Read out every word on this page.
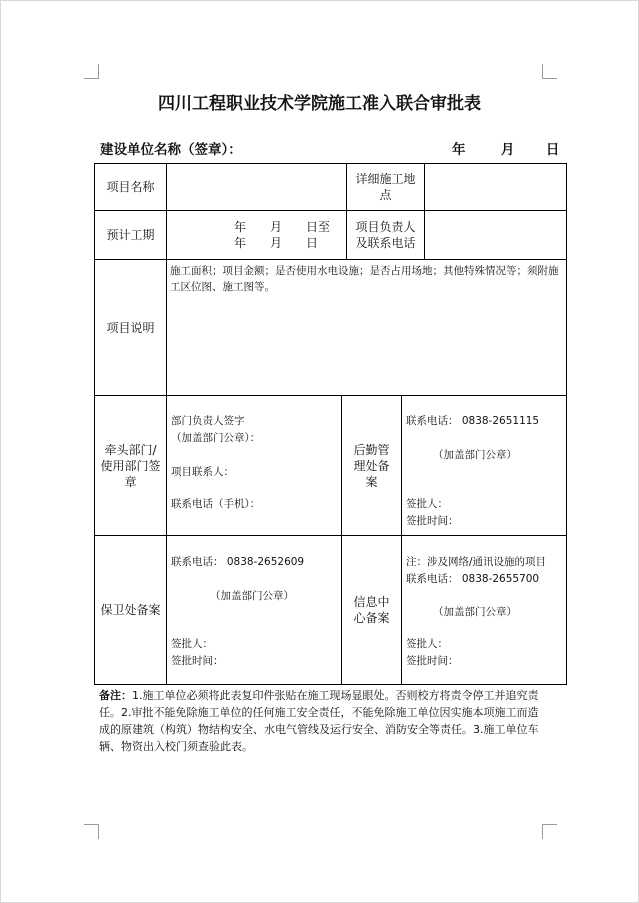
四川工程职业技术学院施工准入联合审批表
建设单位名称（签章）：	年	月 日
项目名称
详细施工地
点
预计工期
年　　月　　日至
年　　月　　日
项目负责人
及联系电话
项目说明
施工面积；项目金额；是否使用水电设施；是否占用场地；其他特殊情况等；须附施工区位图、施工图等。
牵头部门/
使用部门签
章
部门负责人签字
（加盖部门公章）：
项目联系人：
联系电话（手机）：
后勤管
理处备
案
联系电话： 0838-2651115
（加盖部门公章）
签批人：
签批时间：
保卫处备案
联系电话： 0838-2652609
（加盖部门公章）
签批人：
签批时间：
信息中
心备案
注：涉及网络/通讯设施的项目
联系电话： 0838-2655700
（加盖部门公章）
签批人：
签批时间：
备注：1.施工单位必须将此表复印件张贴在施工现场显眼处。否则校方将责令停工并追究责任。2.审批不能免除施工单位的任何施工安全责任，不能免除施工单位因实施本项施工而造成的原建筑（构筑）物结构安全、水电气管线及运行安全、消防安全等责任。3.施工单位车辆、物资出入校门须查验此表。
